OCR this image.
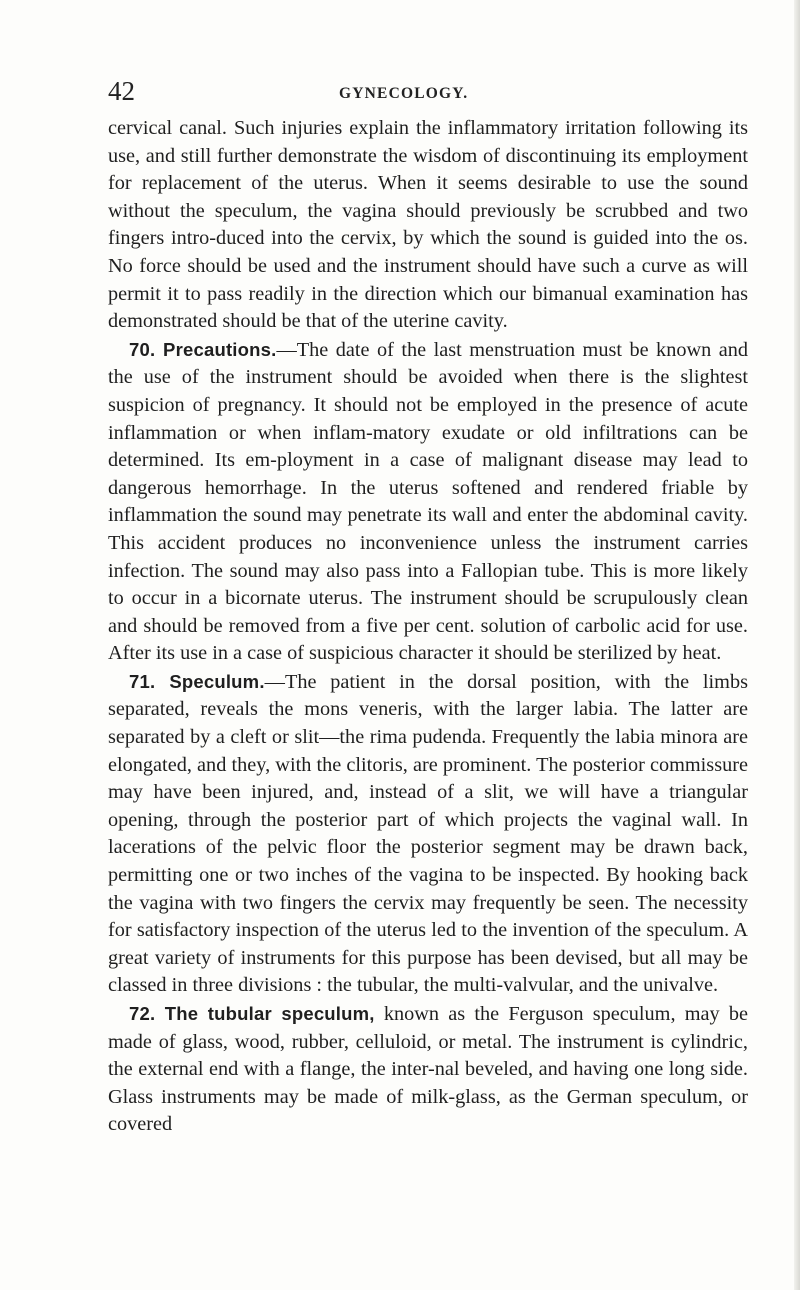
42	GYNECOLOGY.

cervical canal. Such injuries explain the inflammatory irritation following its use, and still further demonstrate the wisdom of discontinuing its employment for replacement of the uterus. When it seems desirable to use the sound without the speculum, the vagina should previously be scrubbed and two fingers intro-duced into the cervix, by which the sound is guided into the os. No force should be used and the instrument should have such a curve as will permit it to pass readily in the direction which our bimanual examination has demonstrated should be that of the uterine cavity.

70. Precautions.—The date of the last menstruation must be known and the use of the instrument should be avoided when there is the slightest suspicion of pregnancy. It should not be employed in the presence of acute inflammation or when inflam-matory exudate or old infiltrations can be determined. Its em-ployment in a case of malignant disease may lead to dangerous hemorrhage. In the uterus softened and rendered friable by inflammation the sound may penetrate its wall and enter the abdominal cavity. This accident produces no inconvenience unless the instrument carries infection. The sound may also pass into a Fallopian tube. This is more likely to occur in a bicornate uterus. The instrument should be scrupulously clean and should be removed from a five per cent. solution of carbolic acid for use. After its use in a case of suspicious character it should be sterilized by heat.

71. Speculum.—The patient in the dorsal position, with the limbs separated, reveals the mons veneris, with the larger labia. The latter are separated by a cleft or slit—the rima pudenda. Frequently the labia minora are elongated, and they, with the clitoris, are prominent. The posterior commissure may have been injured, and, instead of a slit, we will have a triangular opening, through the posterior part of which projects the vaginal wall. In lacerations of the pelvic floor the posterior segment may be drawn back, permitting one or two inches of the vagina to be inspected. By hooking back the vagina with two fingers the cervix may frequently be seen. The necessity for satisfactory inspection of the uterus led to the invention of the speculum. A great variety of instruments for this purpose has been devised, but all may be classed in three divisions : the tubular, the multi-valvular, and the univalve.

72. The tubular speculum, known as the Ferguson speculum, may be made of glass, wood, rubber, celluloid, or metal. The instrument is cylindric, the external end with a flange, the inter-nal beveled, and having one long side. Glass instruments may be made of milk-glass, as the German speculum, or covered
